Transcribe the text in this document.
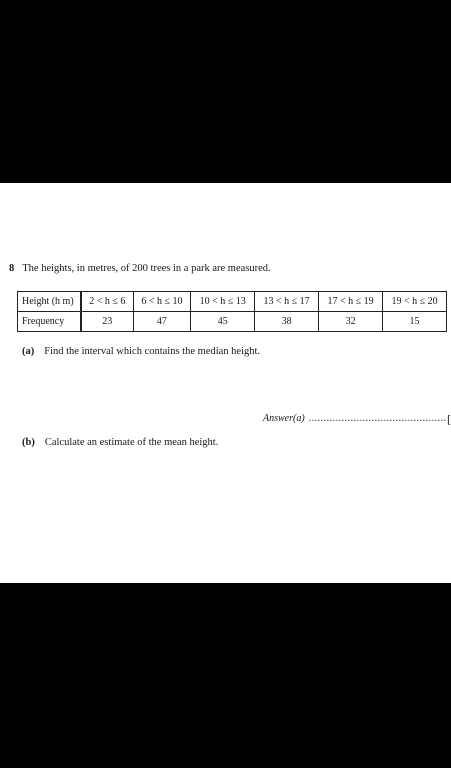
8 The heights, in metres, of 200 trees in a park are measured.
Height (h m)	2 < h ≤ 6	6 < h ≤ 10	10 < h ≤ 13	13 < h ≤ 17	17 < h ≤ 19	19 < h ≤ 20
Frequency	23	47	45	38	32	15
(a) Find the interval which contains the median height.
Answer(a) .............................................. [
(b) Calculate an estimate of the mean height.
